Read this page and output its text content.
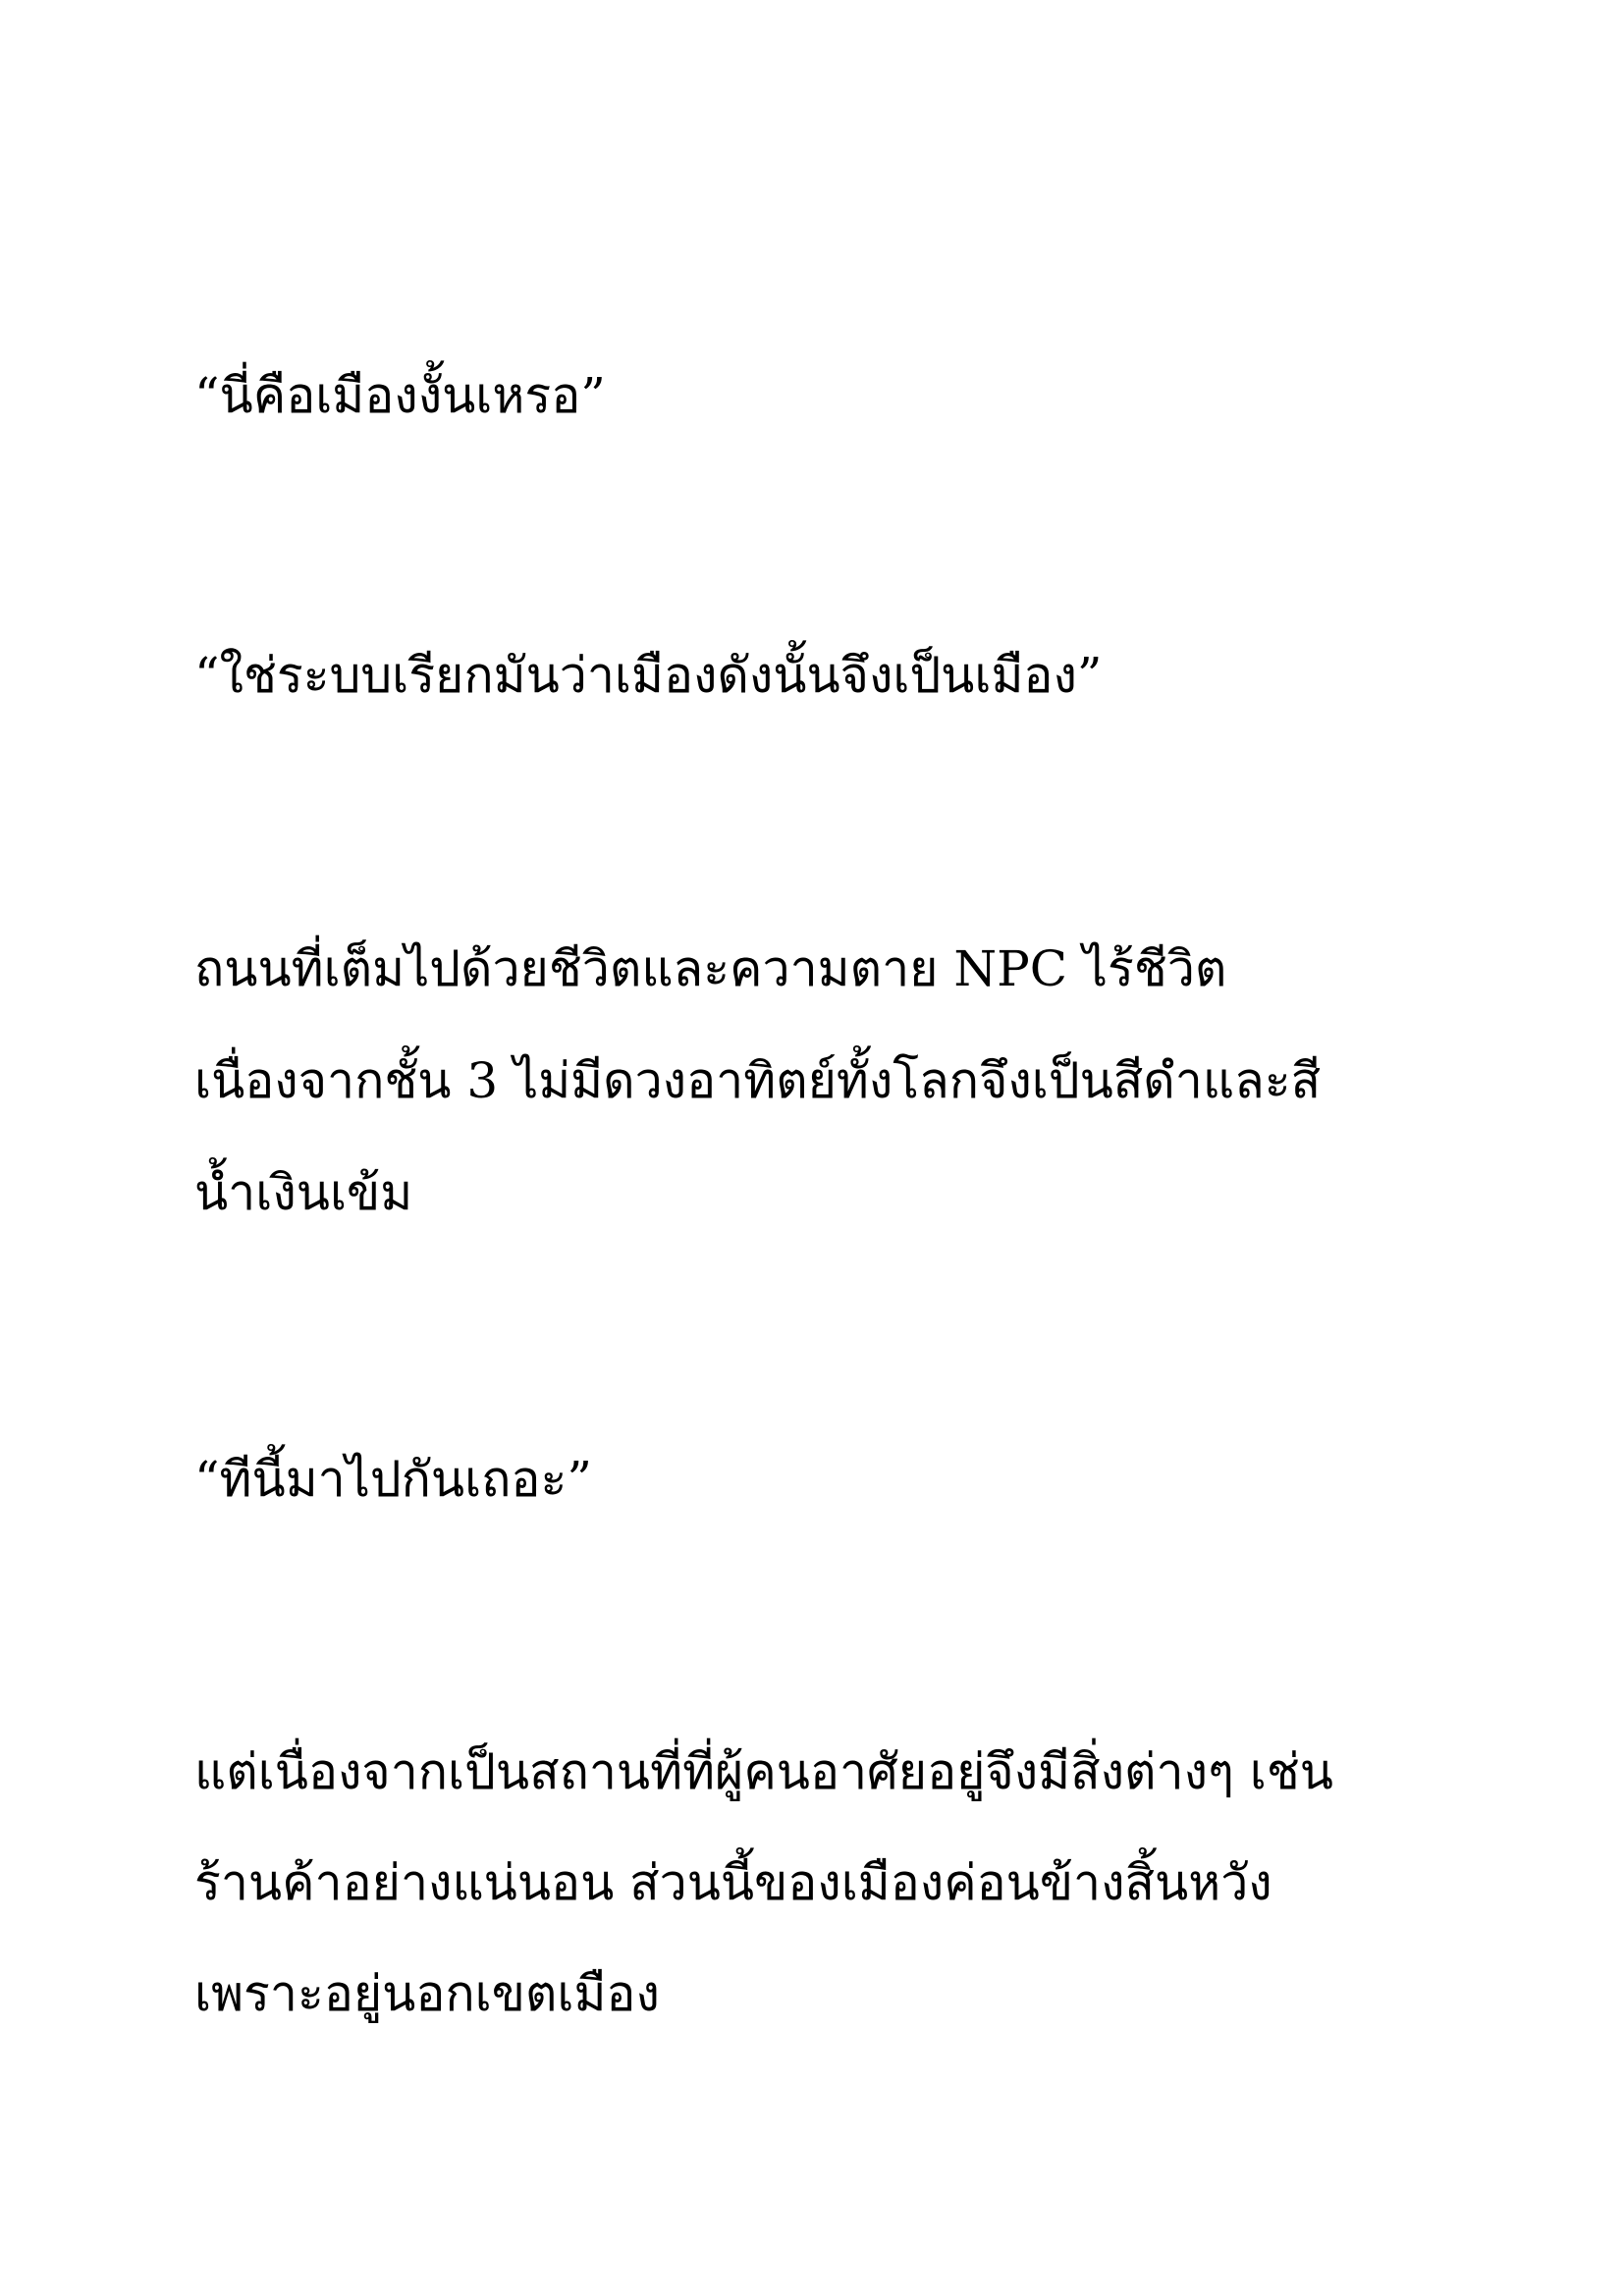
“นี่คือเมืองงั้นเหรอ”

“ใช่ระบบเรียกมันว่าเมืองดังนั้นจึงเป็นเมือง”

ถนนที่เต็มไปด้วยชีวิตและความตาย NPC ไร้ชีวิต

เนื่องจากชั้น 3 ไม่มีดวงอาทิตย์ทั้งโลกจึงเป็นสีดำและสี

น้ำเงินเข้ม

“ทีนี้มาไปกันเถอะ”

แต่เนื่องจากเป็นสถานที่ที่ผู้คนอาศัยอยู่จึงมีสิ่งต่างๆ เช่น

ร้านค้าอย่างแน่นอน ส่วนนี้ของเมืองค่อนข้างสิ้นหวัง

เพราะอยู่นอกเขตเมือง
